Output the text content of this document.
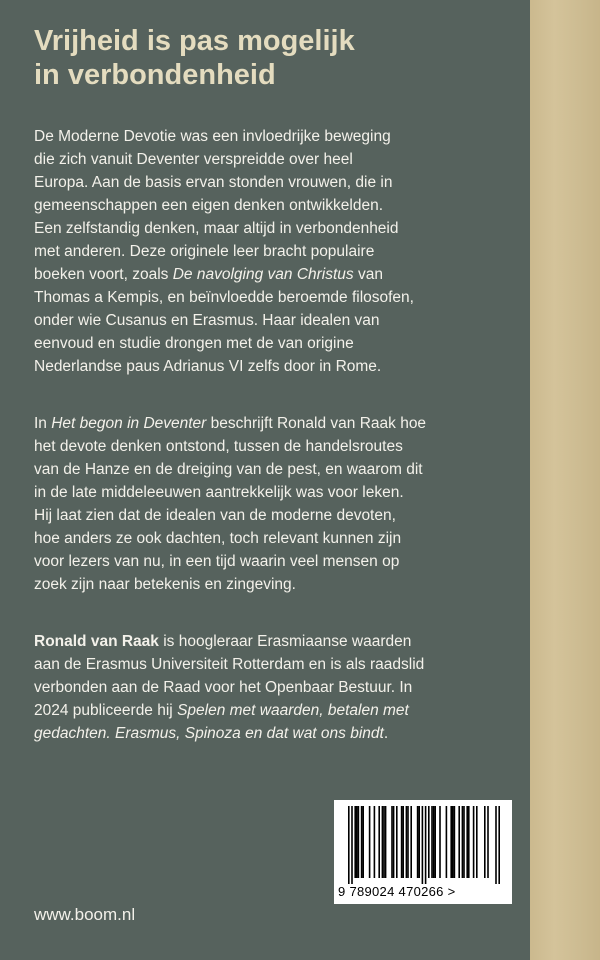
Vrijheid is pas mogelijk
in verbondenheid

De Moderne Devotie was een invloedrijke beweging
die zich vanuit Deventer verspreidde over heel
Europa. Aan de basis ervan stonden vrouwen, die in
gemeenschappen een eigen denken ontwikkelden.
Een zelfstandig denken, maar altijd in verbondenheid
met anderen. Deze originele leer bracht populaire
boeken voort, zoals De navolging van Christus van
Thomas a Kempis, en beïnvloedde beroemde filosofen,
onder wie Cusanus en Erasmus. Haar idealen van
eenvoud en studie drongen met de van origine
Nederlandse paus Adrianus VI zelfs door in Rome.

In Het begon in Deventer beschrijft Ronald van Raak hoe
het devote denken ontstond, tussen de handelsroutes
van de Hanze en de dreiging van de pest, en waarom dit
in de late middeleeuwen aantrekkelijk was voor leken.
Hij laat zien dat de idealen van de moderne devoten,
hoe anders ze ook dachten, toch relevant kunnen zijn
voor lezers van nu, in een tijd waarin veel mensen op
zoek zijn naar betekenis en zingeving.

Ronald van Raak is hoogleraar Erasmiaanse waarden
aan de Erasmus Universiteit Rotterdam en is als raadslid
verbonden aan de Raad voor het Openbaar Bestuur. In
2024 publiceerde hij Spelen met waarden, betalen met
gedachten. Erasmus, Spinoza en dat wat ons bindt.

9 789024 470266 >
www.boom.nl
